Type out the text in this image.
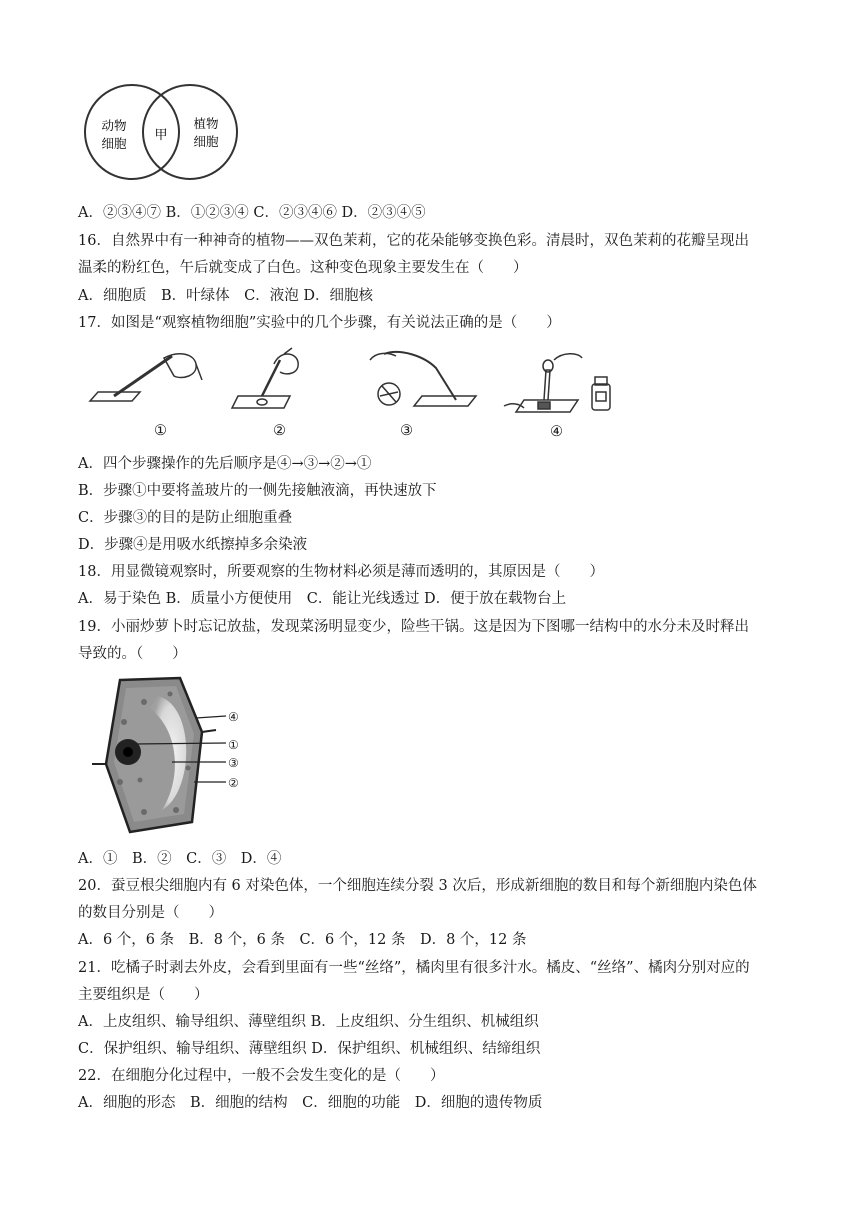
动物
细胞
甲
植物
细胞
A．②③④⑦ B．①②③④ C．②③④⑥ D．②③④⑤
16．自然界中有一种神奇的植物——双色茉莉，它的花朵能够变换色彩。清晨时，双色茉莉的花瓣呈现出
温柔的粉红色，午后就变成了白色。这种变色现象主要发生在（　　）
A．细胞质　B．叶绿体　C．液泡 D．细胞核
17．如图是“观察植物细胞”实验中的几个步骤，有关说法正确的是（　　）
①	②	③	④
A．四个步骤操作的先后顺序是④→③→②→①
B．步骤①中要将盖玻片的一侧先接触液滴，再快速放下
C．步骤③的目的是防止细胞重叠
D．步骤④是用吸水纸擦掉多余染液
18．用显微镜观察时，所要观察的生物材料必须是薄而透明的，其原因是（　　）
A．易于染色 B．质量小方便使用　C．能让光线透过 D．便于放在载物台上
19．小丽炒萝卜时忘记放盐，发现菜汤明显变少，险些干锅。这是因为下图哪一结构中的水分未及时释出
导致的。（　　）
④
①
③
②
A．①　B．②　C．③　D．④
20．蚕豆根尖细胞内有 6 对染色体，一个细胞连续分裂 3 次后，形成新细胞的数目和每个新细胞内染色体
的数目分别是（　　）
A．6 个，6 条　B．8 个，6 条　C．6 个，12 条　D．8 个，12 条
21．吃橘子时剥去外皮，会看到里面有一些“丝络”，橘肉里有很多汁水。橘皮、“丝络”、橘肉分别对应的
主要组织是（　　）
A．上皮组织、输导组织、薄壁组织 B．上皮组织、分生组织、机械组织
C．保护组织、输导组织、薄壁组织 D．保护组织、机械组织、结缔组织
22．在细胞分化过程中，一般不会发生变化的是（　　）
A．细胞的形态　B．细胞的结构　C．细胞的功能　D．细胞的遗传物质
